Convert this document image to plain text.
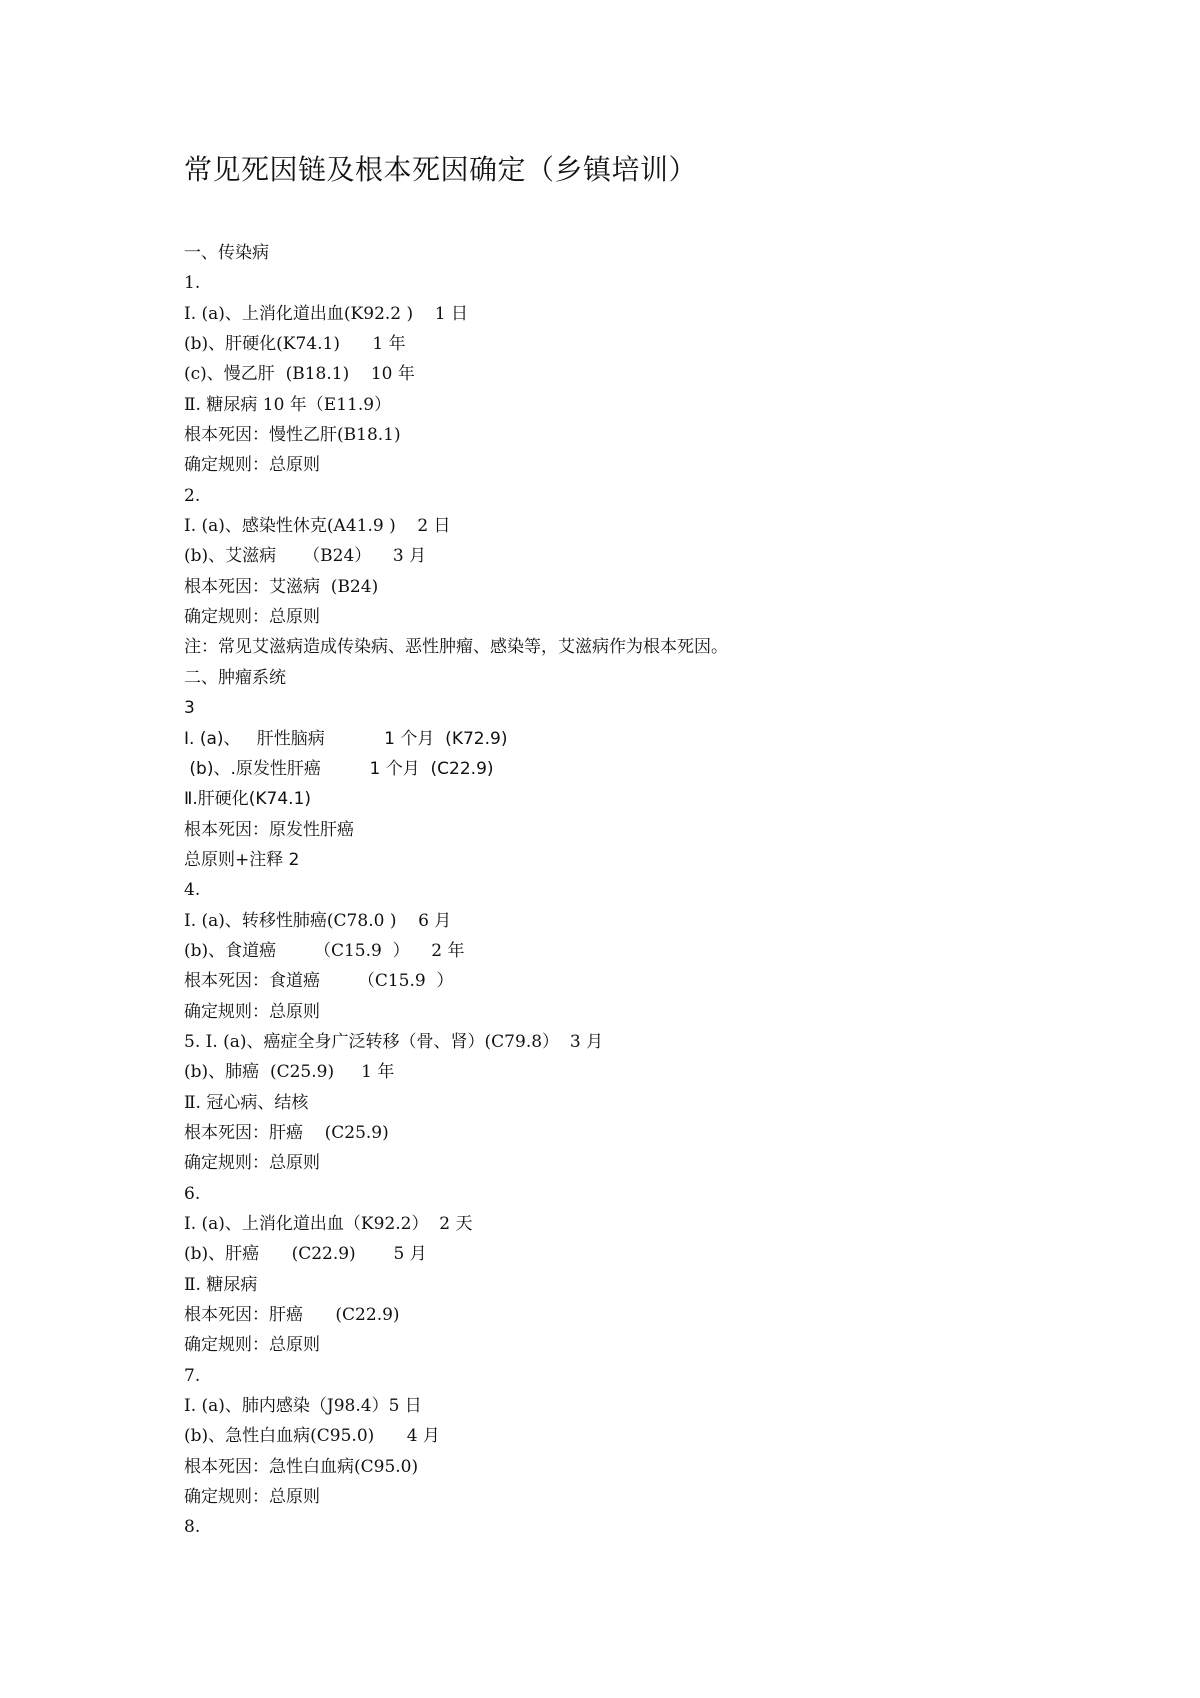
常见死因链及根本死因确定（乡镇培训）
一、传染病
1.
Ⅰ. (a)、上消化道出血(K92.2 )    1 日
(b)、肝硬化(K74.1)      1 年
(c)、慢乙肝  (B18.1)    10 年
Ⅱ. 糖尿病 10 年（E11.9）
根本死因：慢性乙肝(B18.1)
确定规则：总原则
2.
Ⅰ. (a)、感染性休克(A41.9 )    2 日
(b)、艾滋病     （B24）    3 月
根本死因：艾滋病  (B24)
确定规则：总原则
注：常见艾滋病造成传染病、恶性肿瘤、感染等，艾滋病作为根本死因。
二、肿瘤系统
3
Ⅰ. (a)、   肝性脑病           1 个月  (K72.9)
(b)、.原发性肝癌         1 个月  (C22.9)
Ⅱ.肝硬化(K74.1)
根本死因：原发性肝癌
总原则+注释 2
4.
Ⅰ. (a)、转移性肺癌(C78.0 )    6 月
(b)、食道癌       （C15.9  ）    2 年
根本死因：食道癌       （C15.9  ）
确定规则：总原则
5. Ⅰ. (a)、癌症全身广泛转移（骨、肾）(C79.8）  3 月
(b)、肺癌  (C25.9)     1 年
Ⅱ. 冠心病、结核
根本死因：肝癌    (C25.9)
确定规则：总原则
6.
Ⅰ. (a)、上消化道出血（K92.2）  2 天
(b)、肝癌      (C22.9)       5 月
Ⅱ. 糖尿病
根本死因：肝癌      (C22.9)
确定规则：总原则
7.
Ⅰ. (a)、肺内感染（J98.4）5 日
(b)、急性白血病(C95.0)      4 月
根本死因：急性白血病(C95.0)
确定规则：总原则
8.
